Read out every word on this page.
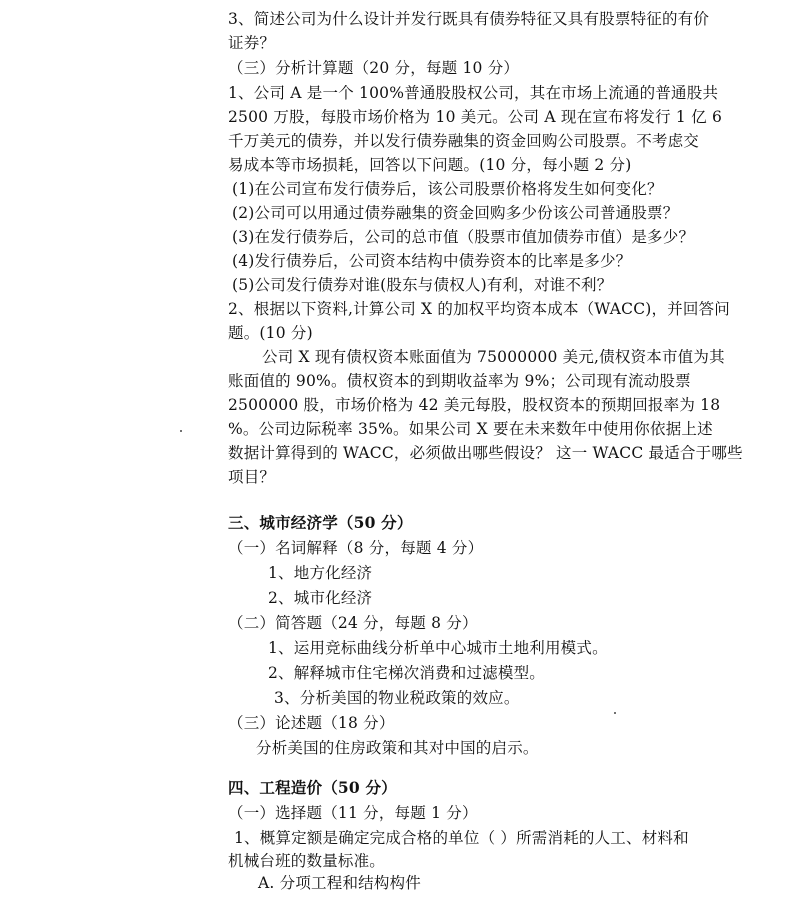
3、简述公司为什么设计并发行既具有债券特征又具有股票特征的有价

证券？

（三）分析计算题（20 分，每题 10 分）

1、公司 A 是一个 100%普通股股权公司，其在市场上流通的普通股共

2500 万股，每股市场价格为 10 美元。公司 A 现在宣布将发行 1 亿 6

千万美元的债券，并以发行债券融集的资金回购公司股票。不考虑交

易成本等市场损耗，回答以下问题。(10 分，每小题 2 分)

(1)在公司宣布发行债券后，该公司股票价格将发生如何变化？

(2)公司可以用通过债券融集的资金回购多少份该公司普通股票？

(3)在发行债券后，公司的总市值（股票市值加债券市值）是多少？

(4)发行债券后，公司资本结构中债券资本的比率是多少？

(5)公司发行债券对谁(股东与债权人)有利，对谁不利？

2、根据以下资料,计算公司 X 的加权平均资本成本（WACC)，并回答问

题。(10 分)

公司 X 现有债权资本账面值为 75000000 美元,债权资本市值为其

账面值的 90%。债权资本的到期收益率为 9%；公司现有流动股票

2500000 股，市场价格为 42 美元每股，股权资本的预期回报率为 18

%。公司边际税率 35%。如果公司 X 要在未来数年中使用你依据上述

数据计算得到的 WACC，必须做出哪些假设？ 这一 WACC 最适合于哪些

项目？

三、城市经济学（50 分）

（一）名词解释（8 分，每题 4 分）

1、地方化经济

2、城市化经济

（二）简答题（24 分，每题 8 分）

1、运用竞标曲线分析单中心城市土地利用模式。

2、解释城市住宅梯次消费和过滤模型。

3、分析美国的物业税政策的效应。

（三）论述题（18 分）

分析美国的住房政策和其对中国的启示。

四、工程造价（50 分）

（一）选择题（11 分，每题 1 分）

1、概算定额是确定完成合格的单位（ ）所需消耗的人工、材料和

机械台班的数量标准。

A. 分项工程和结构构件
